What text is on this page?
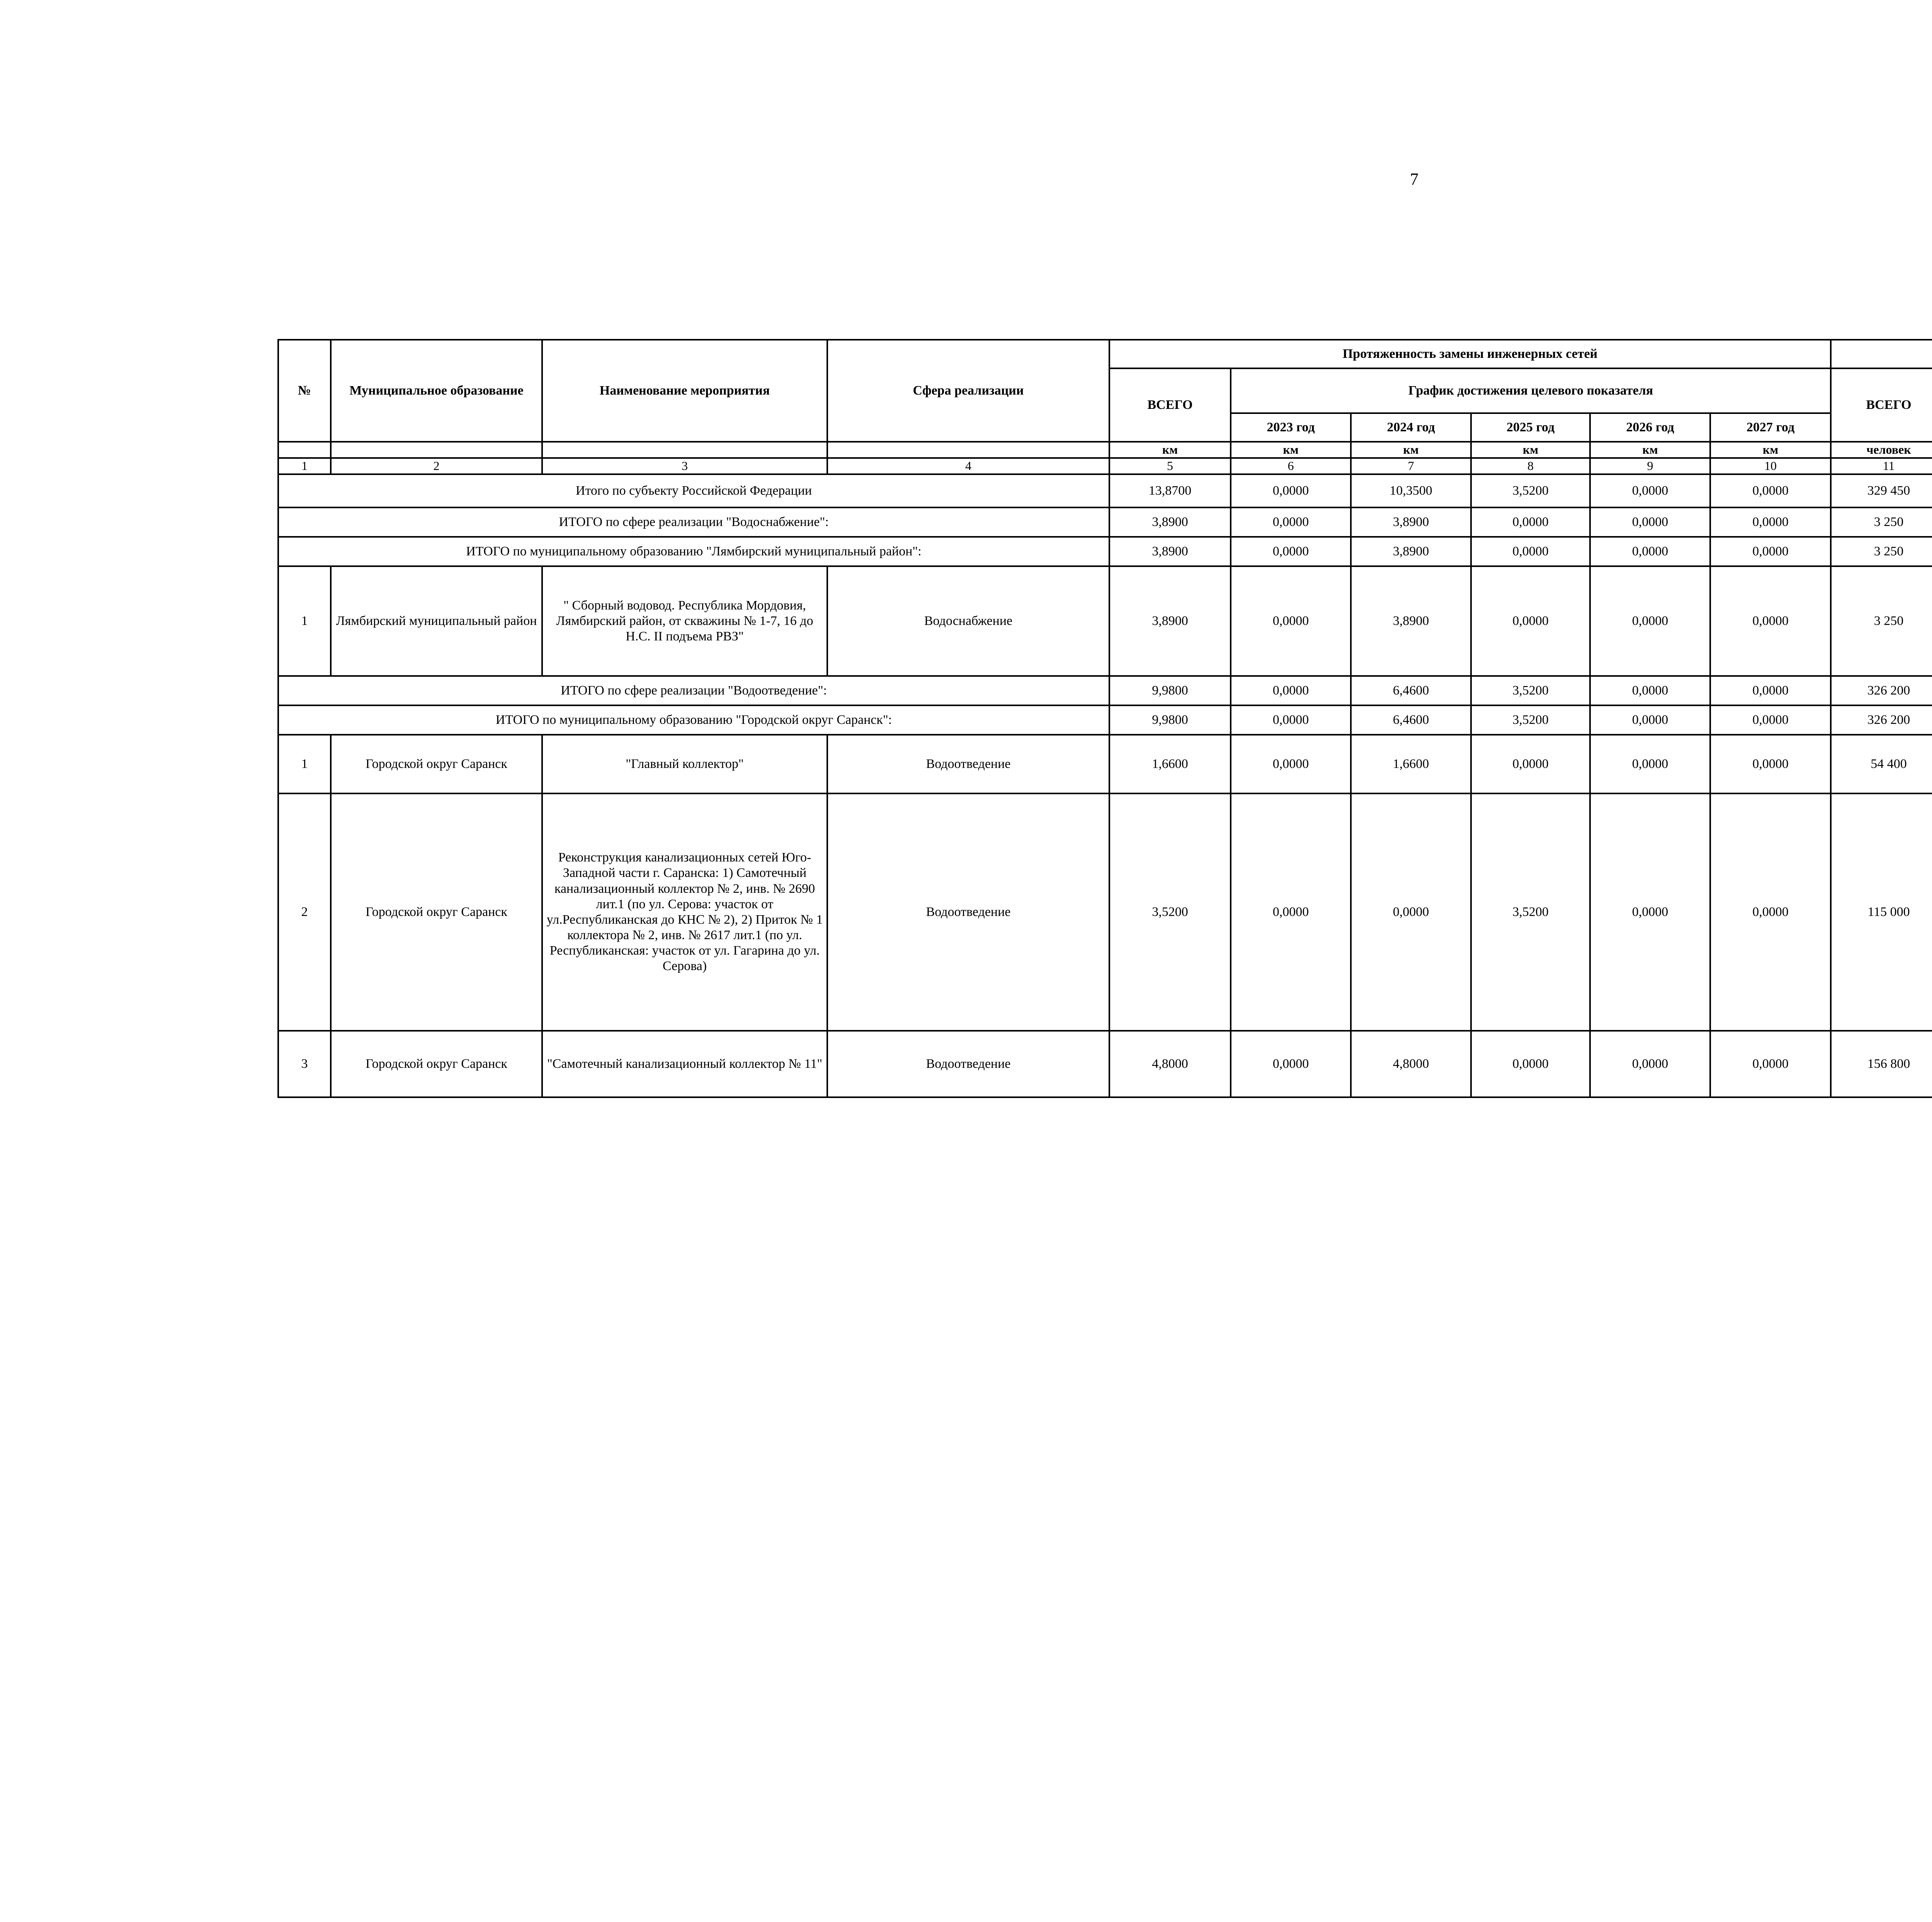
7
№	Муниципальное образование	Наименование мероприятия	Сфера реализации	Протяженность замены инженерных сетей											
				ВСЕГО	График достижения целевого показателя					ВСЕГО	
					2023 год	2024 год	2025 год	2026 год	2027 год					
				км	км	км	км	км	км	человек					
1	2	3	4	5	6	7	8	9	10	11					
Итого по субъекту Российской Федерации				13,8700	0,0000	10,3500	3,5200	0,0000	0,0000	329 450					
ИТОГО по сфере реализации "Водоснабжение":				3,8900	0,0000	3,8900	0,0000	0,0000	0,0000	3 250					
ИТОГО по муниципальному образованию "Лямбирский муниципальный район":				3,8900	0,0000	3,8900	0,0000	0,0000	0,0000	3 250					
1	Лямбирский муниципальный район	" Сборный водовод. Республика Мордовия, Лямбирский район, от скважины № 1-7, 16 до Н.С. II подъема РВЗ"	Водоснабжение	3,8900	0,0000	3,8900	0,0000	0,0000	0,0000	3 250					
ИТОГО по сфере реализации "Водоотведение":				9,9800	0,0000	6,4600	3,5200	0,0000	0,0000	326 200					
ИТОГО по муниципальному образованию "Городской округ Саранск":				9,9800	0,0000	6,4600	3,5200	0,0000	0,0000	326 200					
1	Городской округ Саранск	"Главный коллектор"	Водоотведение	1,6600	0,0000	1,6600	0,0000	0,0000	0,0000	54 400					
2	Городской округ Саранск	Реконструкция канализационных сетей Юго-Западной части г. Саранска: 1) Самотечный канализационный коллектор № 2, инв. № 2690 лит.1 (по ул. Серова: участок от ул.Республиканская до КНС № 2), 2) Приток № 1 коллектора № 2, инв. № 2617 лит.1 (по ул. Республиканская: участок от ул. Гагарина до ул. Серова)	Водоотведение	3,5200	0,0000	0,0000	3,5200	0,0000	0,0000	115 000					
3	Городской округ Саранск	"Самотечный канализационный коллектор № 11"	Водоотведение	4,8000	0,0000	4,8000	0,0000	0,0000	0,0000	156 800					
